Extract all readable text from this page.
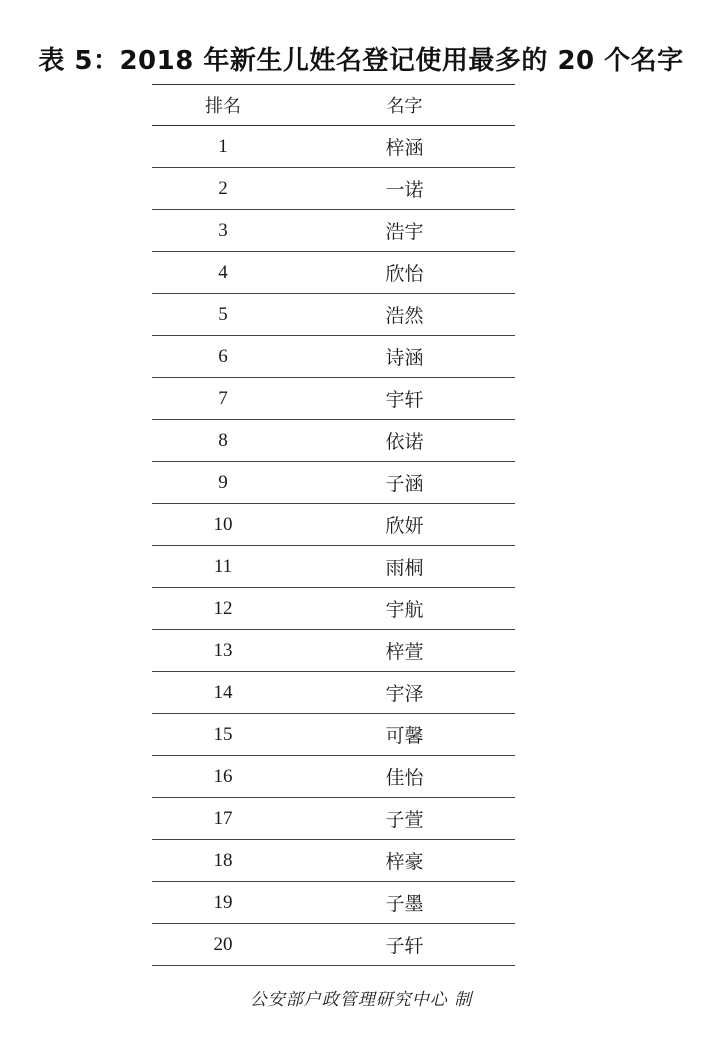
表 5：2018 年新生儿姓名登记使用最多的 20 个名字
排名	名字
1	梓涵
2	一诺
3	浩宇
4	欣怡
5	浩然
6	诗涵
7	宇轩
8	依诺
9	子涵
10	欣妍
11	雨桐
12	宇航
13	梓萱
14	宇泽
15	可馨
16	佳怡
17	子萱
18	梓豪
19	子墨
20	子轩
公安部户政管理研究中心 制
